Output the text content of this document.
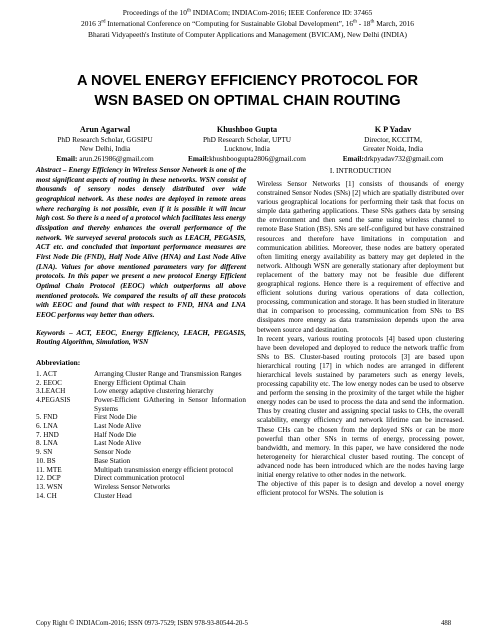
Proceedings of the 10th INDIACom; INDIACom-2016; IEEE Conference ID: 37465
2016 3rd International Conference on “Computing for Sustainable Global Development”, 16th - 18th March, 2016
Bharati Vidyapeeth's Institute of Computer Applications and Management (BVICAM), New Delhi (INDIA)
A NOVEL ENERGY EFFICIENCY PROTOCOL FOR
WSN BASED ON OPTIMAL CHAIN ROUTING
Arun Agarwal
PhD Research Scholar, GGSIPU
New Delhi, India
Email: arun.261986@gmail.com
Khushboo Gupta
PhD Research Scholar, UPTU
Lucknow, India
Email:khushboogupta2806@gmail.com
K P Yadav
Director, KCCITM,
Greater Noida, India
Email:drkpyadav732@gmail.com

Abstract – Energy Efficiency in Wireless Sensor Network is one of the most significant aspects of routing in these networks. WSN consist of thousands of sensory nodes densely distributed over wide geographical network. As these nodes are deployed in remote areas where recharging is not possible, even if it is possible it will incur high cost. So there is a need of a protocol which facilitates less energy dissipation and thereby enhances the overall performance of the network. We surveyed several protocols such as LEACH, PEGASIS, ACT etc. and concluded that important performance measures are First Node Die (FND), Half Node Alive (HNA) and Last Node Alive (LNA). Values for above mentioned parameters vary for different protocols. In this paper we present a new protocol Energy Efficient Optimal Chain Protocol (EEOC) which outperforms all above mentioned protocols. We compared the results of all these protocols with EEOC and found that with respect to FND, HNA and LNA EEOC performs way better than others.

Keywords – ACT, EEOC, Energy Efficiency, LEACH, PEGASIS, Routing Algorithm, Simulation, WSN

Abbreviation:
1. ACT	Arranging Cluster Range and Transmission Ranges
2. EEOC	Energy Efficient Optimal Chain
3.LEACH	Low energy adaptive clustering hierarchy
4.PEGASIS	Power-Efficient GAthering in Sensor Information Systems
5. FND	First Node Die
6. LNA	Last Node Alive
7. HND	Half Node Die
8. LNA	Last Node Alive
9. SN	Sensor Node
10. BS	Base Station
11. MTE	Multipath transmission energy efficient protocol
12. DCP	Direct communication protocol
13. WSN	Wireless Sensor Networks
14. CH	Cluster Head
I. INTRODUCTION

Wireless Sensor Networks [1] consists of thousands of energy constrained Sensor Nodes (SNs) [2] which are spatially distributed over various geographical locations for performing their task that focus on simple data gathering applications. These SNs gathers data by sensing the environment and then send the same using wireless channel to remote Base Station (BS). SNs are self-configured but have constrained resources and therefore have limitations in computation and communication abilities. Moreover, these nodes are battery operated often limiting energy availability as battery may get depleted in the network. Although WSN are generally stationary after deployment but replacement of the battery may not be feasible due different geographical regions. Hence there is a requirement of effective and efficient solutions during various operations of data collection, processing, communication and storage. It has been studied in literature that in comparison to processing, communication from SNs to BS dissipates more energy as data transmission depends upon the area between source and destination.

In recent years, various routing protocols [4] based upon clustering have been developed and deployed to reduce the network traffic from SNs to BS. Cluster-based routing protocols [3] are based upon hierarchical routing [17] in which nodes are arranged in different hierarchical levels sustained by parameters such as energy levels, processing capability etc. The low energy nodes can be used to observe and perform the sensing in the proximity of the target while the higher energy nodes can be used to process the data and send the information. Thus by creating cluster and assigning special tasks to CHs, the overall scalability, energy efficiency and network lifetime can be increased. These CHs can be chosen from the deployed SNs or can be more powerful than other SNs in terms of energy, processing power, bandwidth, and memory. In this paper, we have considered the node heterogeneity for hierarchical cluster based routing. The concept of advanced node has been introduced which are the nodes having large initial energy relative to other nodes in the network.

The objective of this paper is to design and develop a novel energy efficient protocol for WSNs. The solution is

Copy Right © INDIACom-2016; ISSN 0973-7529; ISBN 978-93-80544-20-5	488
